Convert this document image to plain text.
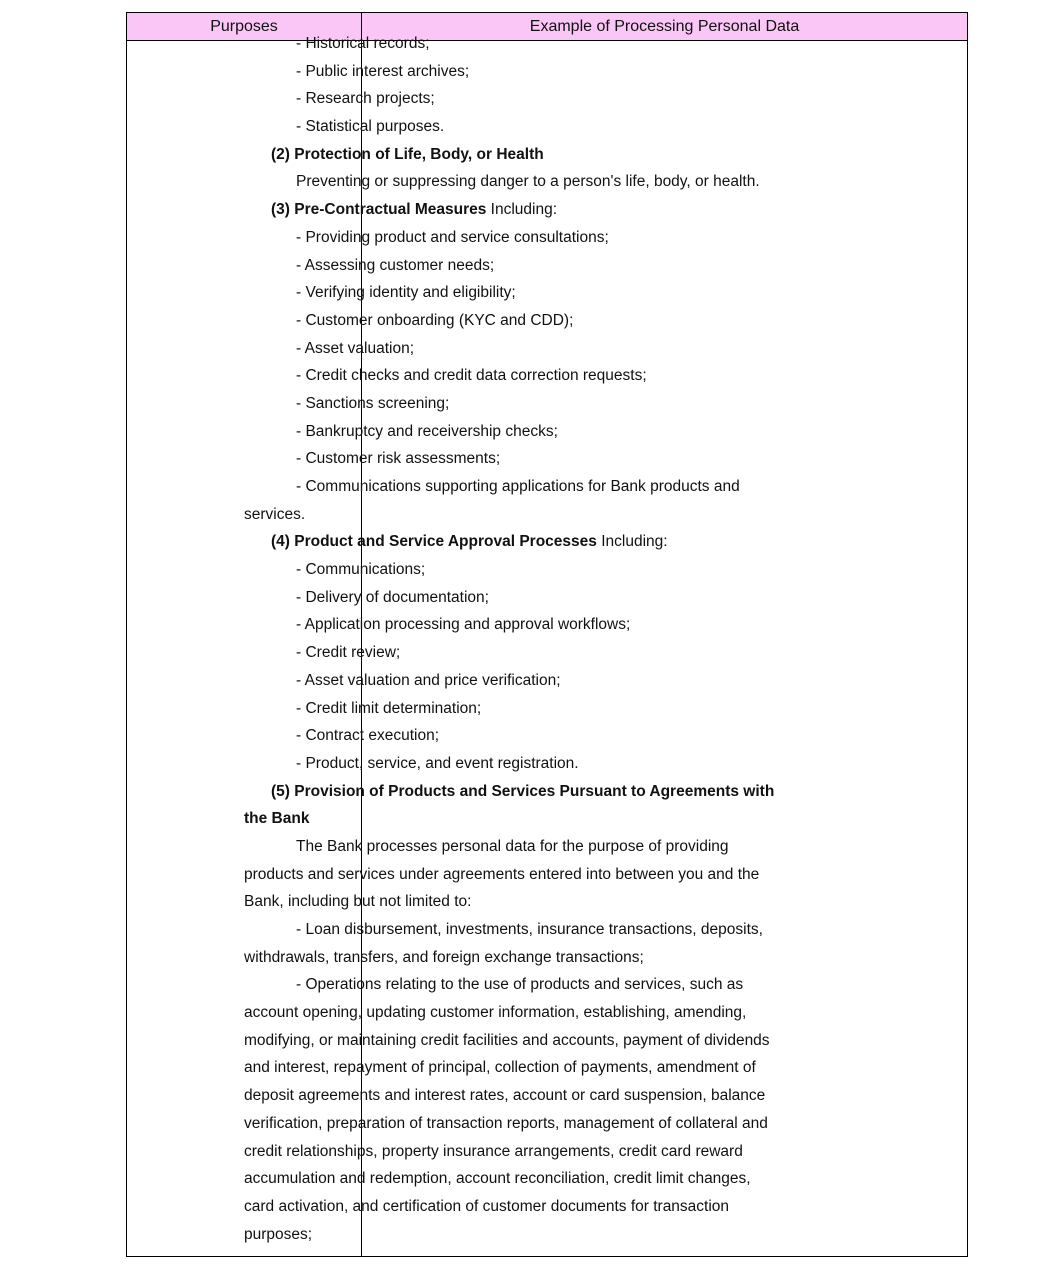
Purposes	Example of Processing Personal Data
- Historical records;
- Public interest archives;
- Research projects;
- Statistical purposes.
(2) Protection of Life, Body, or Health
Preventing or suppressing danger to a person's life, body, or health.
(3) Pre-Contractual Measures Including:
- Providing product and service consultations;
- Assessing customer needs;
- Verifying identity and eligibility;
- Customer onboarding (KYC and CDD);
- Asset valuation;
- Credit checks and credit data correction requests;
- Sanctions screening;
- Bankruptcy and receivership checks;
- Customer risk assessments;
- Communications supporting applications for Bank products and
services.
(4) Product and Service Approval Processes Including:
- Communications;
- Delivery of documentation;
- Application processing and approval workflows;
- Credit review;
- Asset valuation and price verification;
- Credit limit determination;
- Contract execution;
- Product, service, and event registration.
(5) Provision of Products and Services Pursuant to Agreements with
the Bank
The Bank processes personal data for the purpose of providing
products and services under agreements entered into between you and the
Bank, including but not limited to:
- Loan disbursement, investments, insurance transactions, deposits,
withdrawals, transfers, and foreign exchange transactions;
- Operations relating to the use of products and services, such as
account opening, updating customer information, establishing, amending,
modifying, or maintaining credit facilities and accounts, payment of dividends
and interest, repayment of principal, collection of payments, amendment of
deposit agreements and interest rates, account or card suspension, balance
verification, preparation of transaction reports, management of collateral and
credit relationships, property insurance arrangements, credit card reward
accumulation and redemption, account reconciliation, credit limit changes,
card activation, and certification of customer documents for transaction
purposes;
